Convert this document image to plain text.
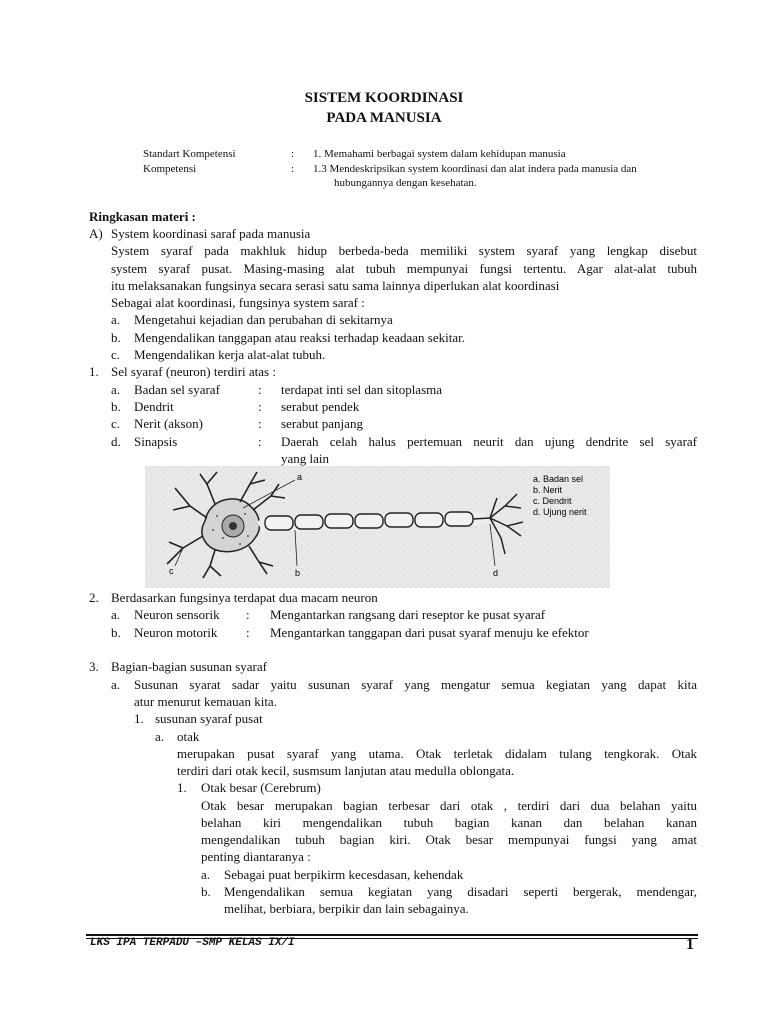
SISTEM KOORDINASI
PADA MANUSIA
Standart Kompetensi	: 1. Memahami berbagai system dalam kehidupan manusia
Kompetensi	: 1.3 Mendeskripsikan system koordinasi dan alat indera pada manusia dan
hubungannya dengan kesehatan.
Ringkasan materi :
A) System koordinasi saraf pada manusia
System syaraf pada makhluk hidup berbeda-beda memiliki system syaraf yang lengkap disebut
system syaraf pusat. Masing-masing alat tubuh mempunyai fungsi tertentu. Agar alat-alat tubuh
itu melaksanakan fungsinya secara serasi satu sama lainnya diperlukan alat koordinasi
Sebagai alat koordinasi, fungsinya system saraf :
a. Mengetahui kejadian dan perubahan di sekitarnya
b. Mengendalikan tanggapan atau reaksi terhadap keadaan sekitar.
c. Mengendalikan kerja alat-alat tubuh.
1. Sel syaraf (neuron) terdiri atas :
a. Badan sel syaraf	: terdapat inti sel dan sitoplasma
b. Dendrit	: serabut pendek
c. Nerit (akson)	: serabut panjang
d. Sinapsis	: Daerah celah halus pertemuan neurit dan ujung dendrite sel syaraf
yang lain
a
b
c	d
a. Badan sel
b. Nerit
c. Dendrit
d. Ujung nerit
2. Berdasarkan fungsinya terdapat dua macam neuron
a. Neuron sensorik : Mengantarkan rangsang dari reseptor ke pusat syaraf
b. Neuron motorik : Mengantarkan tanggapan dari pusat syaraf menuju ke efektor
3. Bagian-bagian susunan syaraf
a. Susunan syarat sadar yaitu susunan syaraf yang mengatur semua kegiatan yang dapat kita
atur menurut kemauan kita.
1. susunan syaraf pusat
a. otak
merupakan pusat syaraf yang utama. Otak terletak didalam tulang tengkorak. Otak
terdiri dari otak kecil, susmsum lanjutan atau medulla oblongata.
1. Otak besar (Cerebrum)
Otak besar merupakan bagian terbesar dari otak , terdiri dari dua belahan yaitu
belahan kiri mengendalikan tubuh bagian kanan dan belahan kanan
mengendalikan tubuh bagian kiri. Otak besar mempunyai fungsi yang amat
penting diantaranya :
a. Sebagai puat berpikirm kecesdasan, kehendak
b. Mengendalikan semua kegiatan yang disadari seperti bergerak, mendengar,
melihat, berbiara, berpikir dan lain sebagainya.
LKS IPA TERPADU –SMP KELAS IX/I	1
